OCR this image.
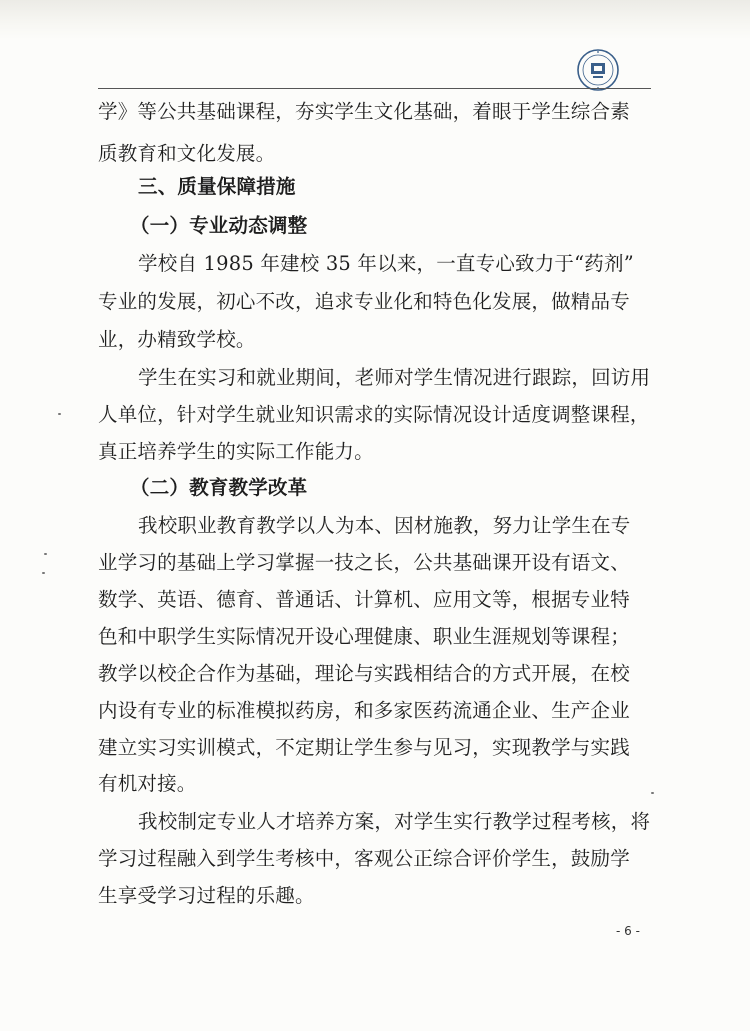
学》等公共基础课程，夯实学生文化基础，着眼于学生综合素
质教育和文化发展。
三、质量保障措施
（一）专业动态调整
学校自 1985 年建校 35 年以来，一直专心致力于“药剂”
专业的发展，初心不改，追求专业化和特色化发展，做精品专
业，办精致学校。
学生在实习和就业期间，老师对学生情况进行跟踪，回访用
人单位，针对学生就业知识需求的实际情况设计适度调整课程，
真正培养学生的实际工作能力。
（二）教育教学改革
我校职业教育教学以人为本、因材施教，努力让学生在专
业学习的基础上学习掌握一技之长，公共基础课开设有语文、
数学、英语、德育、普通话、计算机、应用文等，根据专业特
色和中职学生实际情况开设心理健康、职业生涯规划等课程；
教学以校企合作为基础，理论与实践相结合的方式开展，在校
内设有专业的标准模拟药房，和多家医药流通企业、生产企业
建立实习实训模式，不定期让学生参与见习，实现教学与实践
有机对接。
我校制定专业人才培养方案，对学生实行教学过程考核，将
学习过程融入到学生考核中，客观公正综合评价学生，鼓励学
生享受学习过程的乐趣。
- 6 -
